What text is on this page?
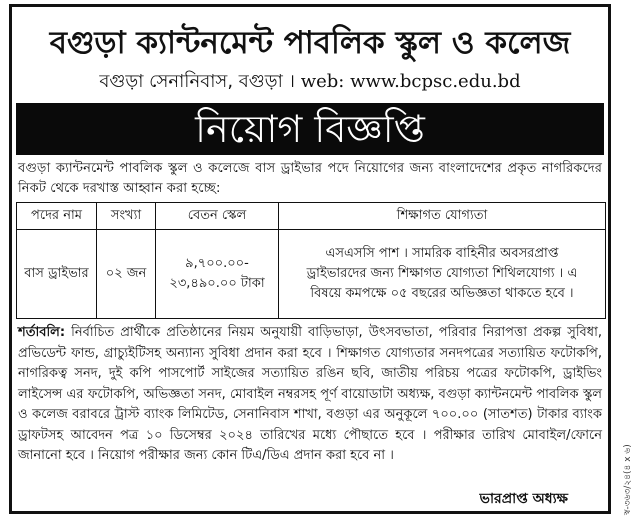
বগুড়া ক্যান্টনমেন্ট পাবলিক স্কুল ও কলেজ
বগুড়া সেনানিবাস, বগুড়া । web: www.bcpsc.edu.bd
নিয়োগ বিজ্ঞপ্তি
বগুড়া ক্যান্টনমেন্ট পাবলিক স্কুল ও কলেজে বাস ড্রাইভার পদে নিয়োগের জন্য বাংলাদেশের প্রকৃত নাগরিকদের নিকট থেকে দরখাস্ত আহ্বান করা হচ্ছে:
পদের নাম	সংখ্যা	বেতন স্কেল	শিক্ষাগত যোগ্যতা
বাস ড্রাইভার	০২ জন	৯,৭০০.০০- ২৩,৪৯০.০০ টাকা	এসএসসি পাশ । সামরিক বাহিনীর অবসরপ্রাপ্ত ড্রাইভারদের জন্য শিক্ষাগত যোগ্যতা শিথিলযোগ্য । এ বিষয়ে কমপক্ষে ০৫ বছরের অভিজ্ঞতা থাকতে হবে ।
শর্তাবলি: নির্বাচিত প্রার্থীকে প্রতিষ্ঠানের নিয়ম অনুযায়ী বাড়িভাড়া, উৎসবভাতা, পরিবার নিরাপত্তা প্রকল্প সুবিধা, প্রভিডেন্ট ফান্ড, গ্রাচ্যুইটিসহ অন্যান্য সুবিধা প্রদান করা হবে । শিক্ষাগত যোগ্যতার সনদপত্রের সত্যায়িত ফটোকপি, নাগরিকত্ব সনদ, দুই কপি পাসপোর্ট সাইজের সত্যায়িত রঙিন ছবি, জাতীয় পরিচয় পত্রের ফটোকপি, ড্রাইভিং লাইসেন্স এর ফটোকপি, অভিজ্ঞতা সনদ, মোবাইল নম্বরসহ পূর্ণ বায়োডাটা অধ্যক্ষ, বগুড়া ক্যান্টনমেন্ট পাবলিক স্কুল ও কলেজ বরাবরে ট্রাস্ট ব্যাংক লিমিটেড, সেনানিবাস শাখা, বগুড়া এর অনুকূলে ৭০০.০০ (সাতশত) টাকার ব্যাংক ড্রাফটসহ আবেদন পত্র ১০ ডিসেম্বর ২০২৪ তারিখের মধ্যে পৌছাতে হবে । পরীক্ষার তারিখ মোবাইল/ফোনে জানানো হবে । নিয়োগ পরীক্ষার জন্য কোন টিএ/ডিএ প্রদান করা হবে না ।
ভারপ্রাপ্ত অধ্যক্ষ	স্ব-৩৬৩/২৪(৪ x ৬)
